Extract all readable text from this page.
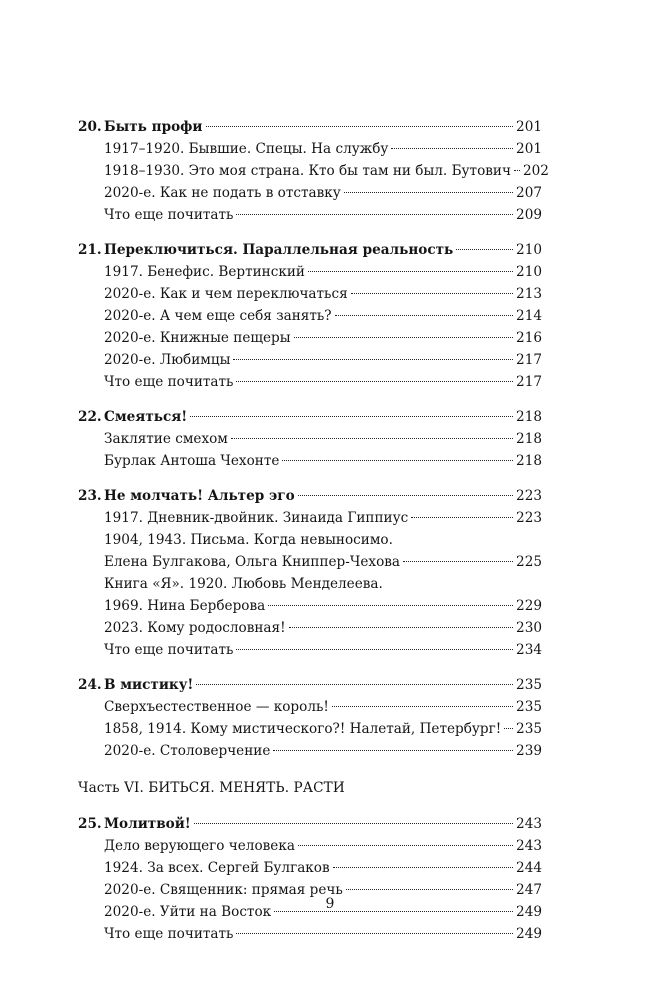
20. Быть профи	201
1917–1920. Бывшие. Спецы. На службу	201
1918–1930. Это моя страна. Кто бы там ни был. Бутович 202
2020-е. Как не подать в отставку	207
Что еще почитать	209
21. Переключиться. Параллельная реальность	210
1917. Бенефис. Вертинский	210
2020-е. Как и чем переключаться	213
2020-е. А чем еще себя занять?	214
2020-е. Книжные пещеры	216
2020-е. Любимцы	217
Что еще почитать	217
22. Смеяться!	218
Заклятие смехом	218
Бурлак Антоша Чехонте	218
23. Не молчать! Альтер эго	223
1917. Дневник-двойник. Зинаида Гиппиус	223
1904, 1943. Письма. Когда невыносимо.
Елена Булгакова, Ольга Книппер-Чехова	225
Книга «Я». 1920. Любовь Менделеева.
1969. Нина Берберова	229
2023. Кому родословная!	230
Что еще почитать	234
24. В мистику!	235
Сверхъестественное — король!	235
1858, 1914. Кому мистического?! Налетай, Петербург! 235
2020-е. Столоверчение	239
Часть VI. БИТЬСЯ. МЕНЯТЬ. РАСТИ
25. Молитвой!	243
Дело верующего человека	243
1924. За всех. Сергей Булгаков	244
2020-е. Священник: прямая речь	247
2020-е. Уйти на Восток	249
Что еще почитать	249
9
